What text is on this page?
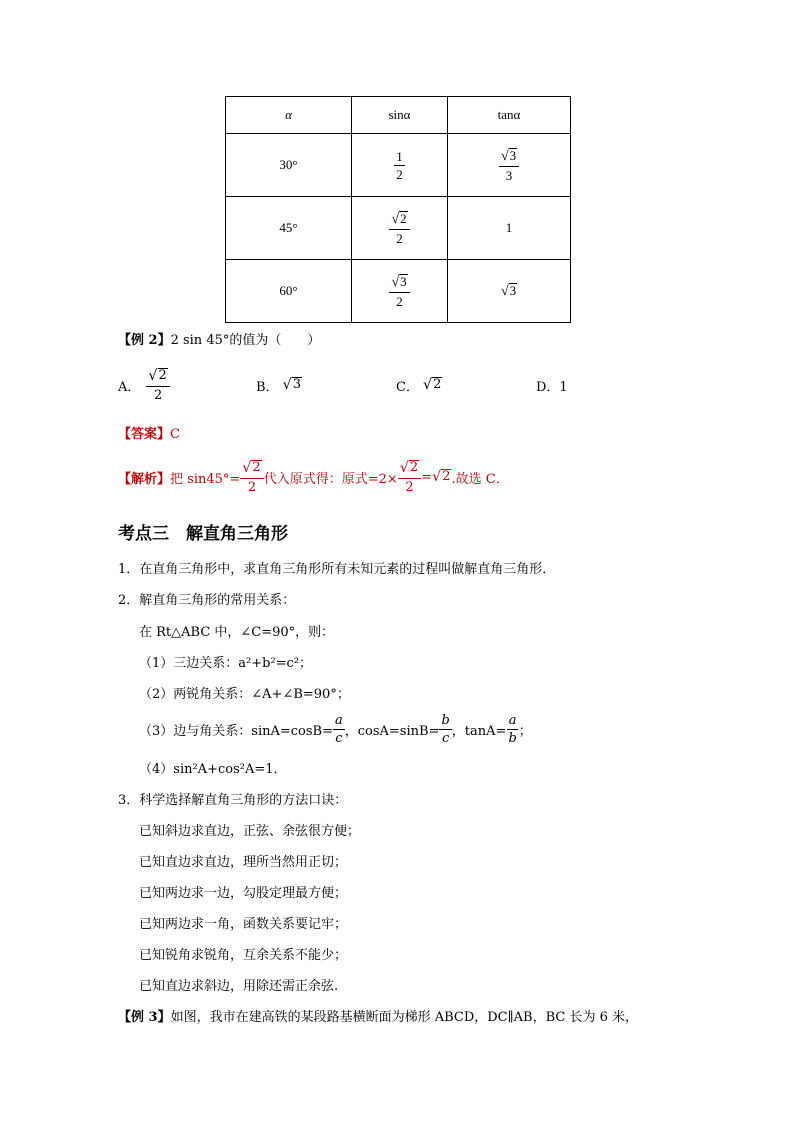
α	sinα	tanα
30°	$\frac{1}{2}$	$\frac{√ 3}{3}$

45°	$\frac{√ 2}{2}$	1
60°	$\frac{√ 3}{2}$	√ 3
【例 2】2 sin 45°的值为（　　）
A． $\frac{√ 2}{2}$	B． √ 3	C． √ 2	D．1
【答案】C
【解析】 把 $\sin 45^\circ= \frac{√ 2}{2}$ 代入原式得：原式$=2\times \frac{√ 2}{2}$ = √ 2 .故选 C．
考点三　解直角三角形
1．在直角三角形中，求直角三角形所有未知元素的过程叫做解直角三角形．
2．解直角三角形的常用关系：
在 Rt△ABC 中，∠C=90°，则：
（1）三边关系：a²+b²=c²；
（2）两锐角关系：∠A+∠B=90°；
（3）边与角关系：$\sin A=\cos B= \frac{a}{c}$ ，$\cos A=\sin B= \frac{b}{c}$ ，$\tan A= \frac{a}{b}$ ；
（4）sin²A+cos²A=1．
3．科学选择解直角三角形的方法口诀：
已知斜边求直边，正弦、余弦很方便；
已知直边求直边，理所当然用正切；
已知两边求一边，勾股定理最方便；
已知两边求一角，函数关系要记牢；
已知锐角求锐角，互余关系不能少；
已知直边求斜边，用除还需正余弦.
【例 3】如图，我市在建高铁的某段路基横断面为梯形 ABCD，DC∥AB，BC 长为 6 米，
